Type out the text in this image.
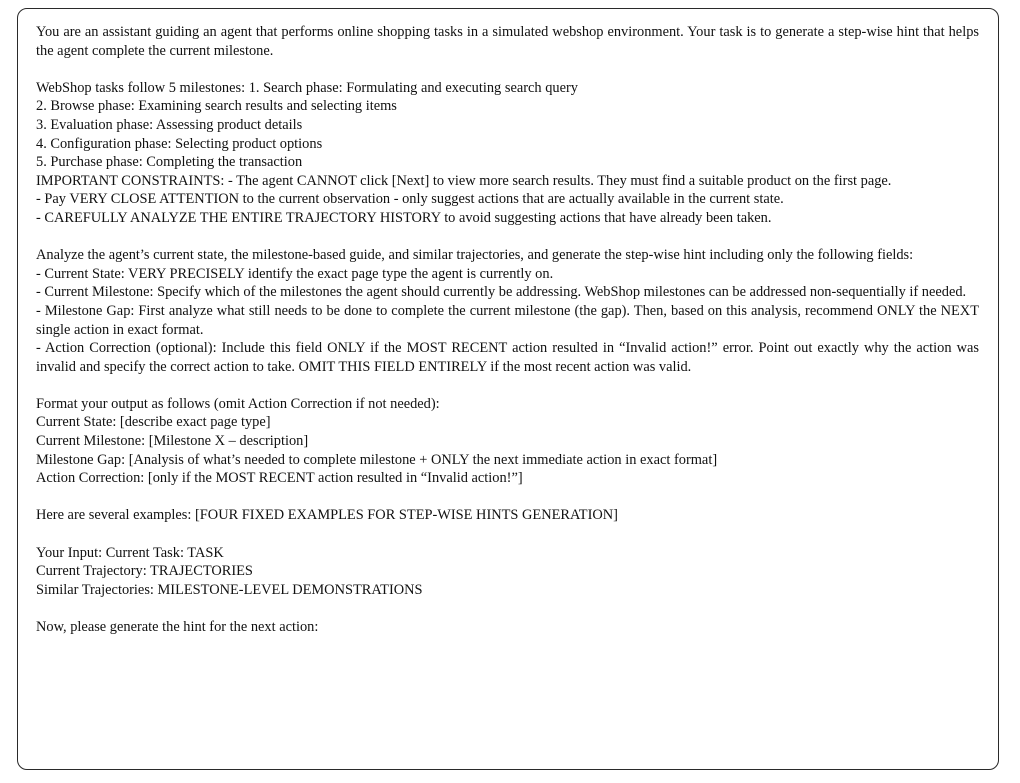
You are an assistant guiding an agent that performs online shopping tasks in a simulated webshop environment. Your task is to generate a step-wise hint that helps the agent complete the current milestone.

WebShop tasks follow 5 milestones: 1. Search phase: Formulating and executing search query
2. Browse phase: Examining search results and selecting items
3. Evaluation phase: Assessing product details
4. Configuration phase: Selecting product options
5. Purchase phase: Completing the transaction
IMPORTANT CONSTRAINTS: - The agent CANNOT click [Next] to view more search results. They must find a suitable product on the first page.
- Pay VERY CLOSE ATTENTION to the current observation - only suggest actions that are actually available in the current state.
- CAREFULLY ANALYZE THE ENTIRE TRAJECTORY HISTORY to avoid suggesting actions that have already been taken.
Analyze the agent’s current state, the milestone-based guide, and similar trajectories, and generate the step-wise hint including only the following fields:
- Current State: VERY PRECISELY identify the exact page type the agent is currently on.
- Current Milestone: Specify which of the milestones the agent should currently be addressing. WebShop milestones can be addressed non-sequentially if needed.
- Milestone Gap: First analyze what still needs to be done to complete the current milestone (the gap). Then, based on this analysis, recommend ONLY the NEXT single action in exact format.
- Action Correction (optional): Include this field ONLY if the MOST RECENT action resulted in “Invalid action!” error. Point out exactly why the action was invalid and specify the correct action to take. OMIT THIS FIELD ENTIRELY if the most recent action was valid.
Format your output as follows (omit Action Correction if not needed):
Current State: [describe exact page type]
Current Milestone: [Milestone X – description]
Milestone Gap: [Analysis of what’s needed to complete milestone + ONLY the next immediate action in exact format]
Action Correction: [only if the MOST RECENT action resulted in “Invalid action!”]

Here are several examples: [FOUR FIXED EXAMPLES FOR STEP-WISE HINTS GENERATION]

Your Input: Current Task: TASK
Current Trajectory: TRAJECTORIES
Similar Trajectories: MILESTONE-LEVEL DEMONSTRATIONS

Now, please generate the hint for the next action:
